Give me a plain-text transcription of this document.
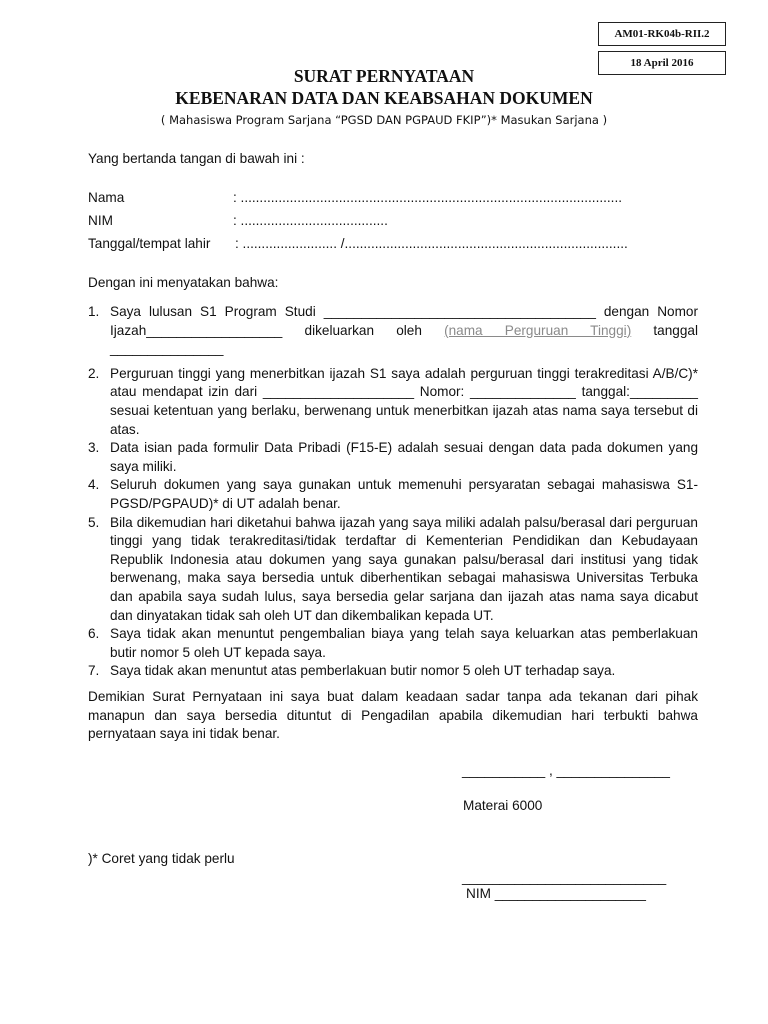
AM01-RK04b-RII.2
18 April 2016
SURAT PERNYATAAN
KEBENARAN DATA DAN KEABSAHAN DOKUMEN
( Mahasiswa Program Sarjana “PGSD DAN PGPAUD FKIP”)* Masukan Sarjana )
Yang bertanda tangan di bawah ini :
Nama	: .....................................................................................................
NIM	: .......................................
Tanggal/tempat lahir : ......................... /...........................................................................
Dengan ini menyatakan bahwa:
1. Saya lulusan S1 Program Studi ____________________________________ dengan Nomor Ijazah__________________ dikeluarkan oleh (nama Perguruan Tinggi) tanggal _______________
2. Perguruan tinggi yang menerbitkan ijazah S1 saya adalah perguruan tinggi terakreditasi A/B/C)* atau mendapat izin dari ____________________ Nomor: ______________ tanggal:_________ sesuai ketentuan yang berlaku, berwenang untuk menerbitkan ijazah atas nama saya tersebut di atas.
3. Data isian pada formulir Data Pribadi (F15-E) adalah sesuai dengan data pada dokumen yang saya miliki.
4. Seluruh dokumen yang saya gunakan untuk memenuhi persyaratan sebagai mahasiswa S1-PGSD/PGPAUD)* di UT adalah benar.
5. Bila dikemudian hari diketahui bahwa ijazah yang saya miliki adalah palsu/berasal dari perguruan tinggi yang tidak terakreditasi/tidak terdaftar di Kementerian Pendidikan dan Kebudayaan Republik Indonesia atau dokumen yang saya gunakan palsu/berasal dari institusi yang tidak berwenang, maka saya bersedia untuk diberhentikan sebagai mahasiswa Universitas Terbuka dan apabila saya sudah lulus, saya bersedia gelar sarjana dan ijazah atas nama saya dicabut dan dinyatakan tidak sah oleh UT dan dikembalikan kepada UT.
6. Saya tidak akan menuntut pengembalian biaya yang telah saya keluarkan atas pemberlakuan butir nomor 5 oleh UT kepada saya.
7. Saya tidak akan menuntut atas pemberlakuan butir nomor 5 oleh UT terhadap saya.
Demikian Surat Pernyataan ini saya buat dalam keadaan sadar tanpa ada tekanan dari pihak manapun dan saya bersedia dituntut di Pengadilan apabila dikemudian hari terbukti bahwa pernyataan saya ini tidak benar.
___________ , _______________
Materai 6000
)* Coret yang tidak perlu
___________________________
NIM ____________________
